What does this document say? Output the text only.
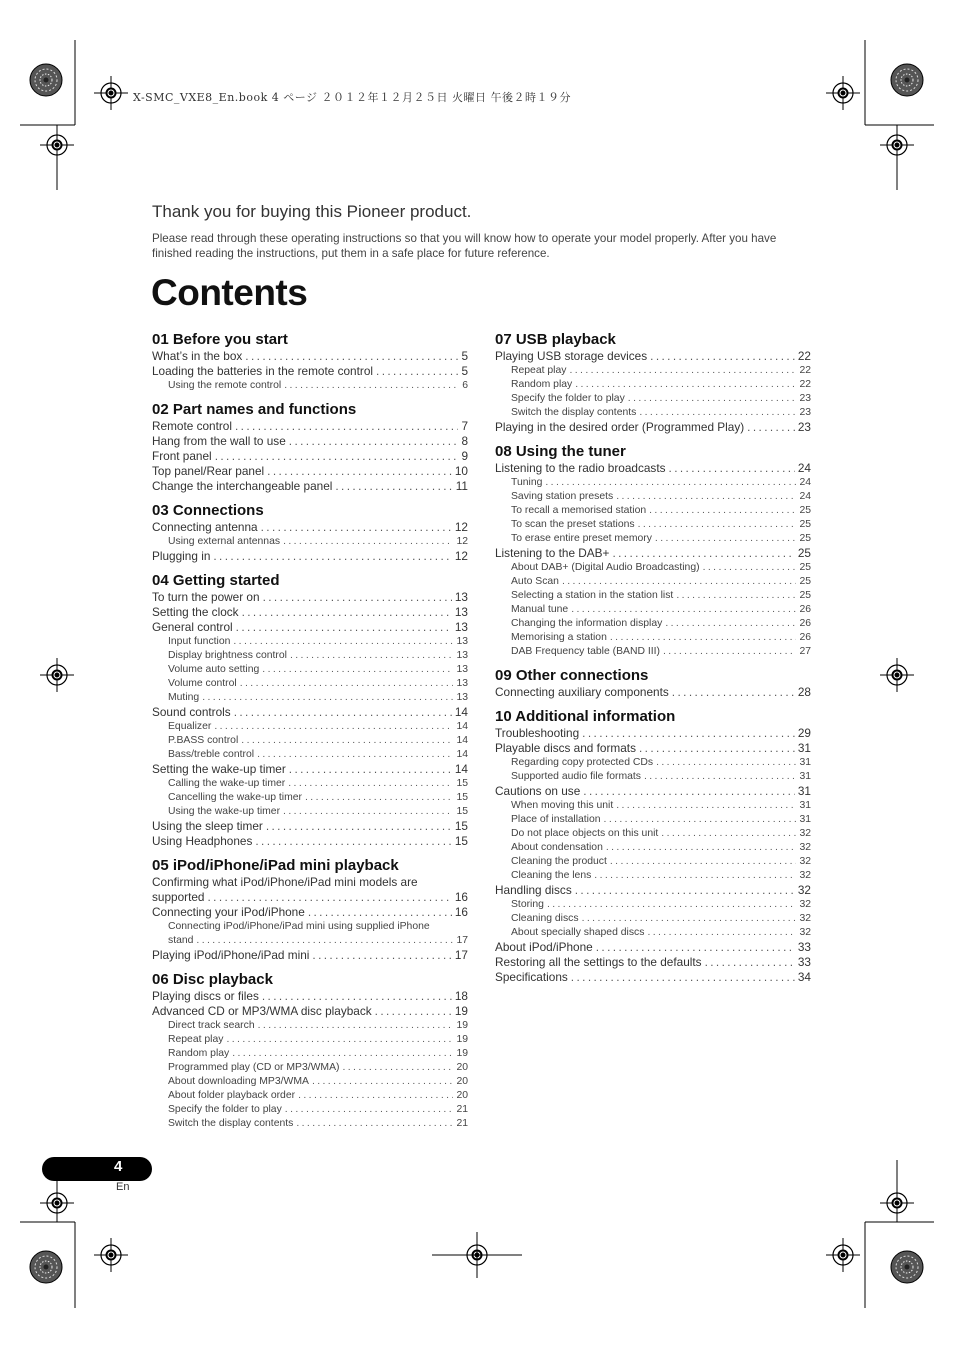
X-SMC_VXE8_En.book 4 ページ ２０１２年１２月２５日 火曜日 午後２時１９分
Thank you for buying this Pioneer product.
Please read through these operating instructions so that you will know how to operate your model properly. After you have finished reading the instructions, put them in a safe place for future reference.
Contents
01 Before you start
What’s in the box .....	5
Loading the batteries in the remote control .....	5
Using the remote control .....	6
02 Part names and functions
Remote control .....	7
Hang from the wall to use .....	8
Front panel .....	9
Top panel/Rear panel .....	10
Change the interchangeable panel .....	11
03 Connections
Connecting antenna .....	12
Using external antennas .....	12
Plugging in .....	12
04 Getting started
To turn the power on .....	13
Setting the clock .....	13
General control .....	13
Input function .....	13
Display brightness control .....	13
Volume auto setting .....	13
Volume control .....	13
Muting .....	13
Sound controls .....	14
Equalizer .....	14
P.BASS control .....	14
Bass/treble control .....	14
Setting the wake-up timer .....	14
Calling the wake-up timer .....	15
Cancelling the wake-up timer .....	15
Using the wake-up timer .....	15
Using the sleep timer .....	15
Using Headphones .....	15
05 iPod/iPhone/iPad mini playback
Confirming what iPod/iPhone/iPad mini models are
supported .....	16
Connecting your iPod/iPhone .....	16
Connecting iPod/iPhone/iPad mini using supplied iPhone
stand .....	17
Playing iPod/iPhone/iPad mini .....	17
06 Disc playback
Playing discs or files .....	18
Advanced CD or MP3/WMA disc playback .....	19
Direct track search .....	19
Repeat play .....	19
Random play .....	19
Programmed play (CD or MP3/WMA) .....	20
About downloading MP3/WMA .....	20
About folder playback order .....	20
Specify the folder to play .....	21
Switch the display contents .....	21
07 USB playback
Playing USB storage devices .....	22
Repeat play .....	22
Random play .....	22
Specify the folder to play .....	23
Switch the display contents .....	23
Playing in the desired order (Programmed Play) .....	23
08 Using the tuner
Listening to the radio broadcasts .....	24
Tuning .....	24
Saving station presets .....	24
To recall a memorised station .....	25
To scan the preset stations .....	25
To erase entire preset memory .....	25
Listening to the DAB+ .....	25
About DAB+ (Digital Audio Broadcasting) .....	25
Auto Scan .....	25
Selecting a station in the station list .....	25
Manual tune .....	26
Changing the information display .....	26
Memorising a station .....	26
DAB Frequency table (BAND III) .....	27
09 Other connections
Connecting auxiliary components .....	28
10 Additional information
Troubleshooting .....	29
Playable discs and formats .....	31
Regarding copy protected CDs .....	31
Supported audio file formats .....	31
Cautions on use .....	31
When moving this unit .....	31
Place of installation .....	31
Do not place objects on this unit .....	32
About condensation .....	32
Cleaning the product .....	32
Cleaning the lens .....	32
Handling discs .....	32
Storing .....	32
Cleaning discs .....	32
About specially shaped discs .....	32
About iPod/iPhone .....	33
Restoring all the settings to the defaults .....	33
Specifications .....	34
4
En
